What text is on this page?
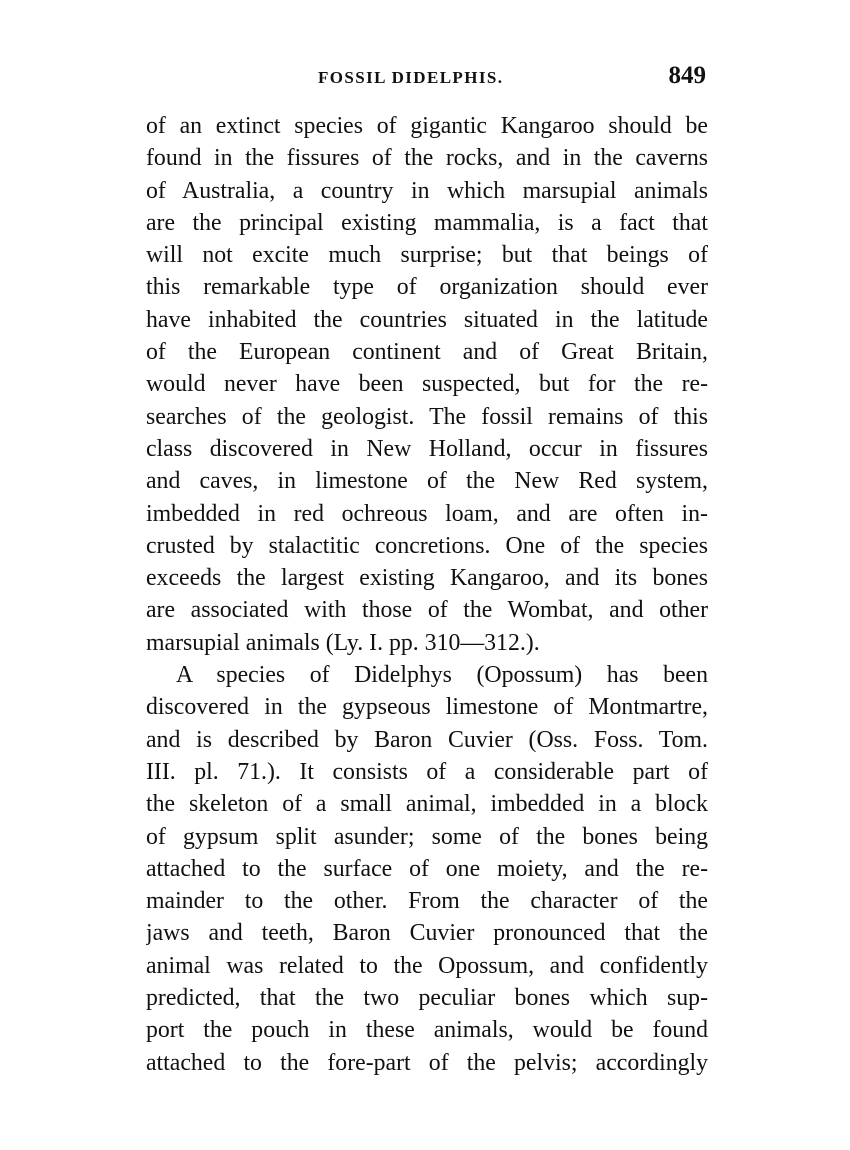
FOSSIL DIDELPHIS.	849
of an extinct species of gigantic Kangaroo should be
found in the fissures of the rocks, and in the caverns
of Australia, a country in which marsupial animals
are the principal existing mammalia, is a fact that
will not excite much surprise; but that beings of
this remarkable type of organization should ever
have inhabited the countries situated in the latitude
of the European continent and of Great Britain,
would never have been suspected, but for the re-
searches of the geologist. The fossil remains of this
class discovered in New Holland, occur in fissures
and caves, in limestone of the New Red system,
imbedded in red ochreous loam, and are often in-
crusted by stalactitic concretions. One of the species
exceeds the largest existing Kangaroo, and its bones
are associated with those of the Wombat, and other
marsupial animals (Ly. I. pp. 310—312.).
A species of Didelphys (Opossum) has been
discovered in the gypseous limestone of Montmartre,
and is described by Baron Cuvier (Oss. Foss. Tom.
III. pl. 71.). It consists of a considerable part of
the skeleton of a small animal, imbedded in a block
of gypsum split asunder; some of the bones being
attached to the surface of one moiety, and the re-
mainder to the other. From the character of the
jaws and teeth, Baron Cuvier pronounced that the
animal was related to the Opossum, and confidently
predicted, that the two peculiar bones which sup-
port the pouch in these animals, would be found
attached to the fore-part of the pelvis; accordingly
